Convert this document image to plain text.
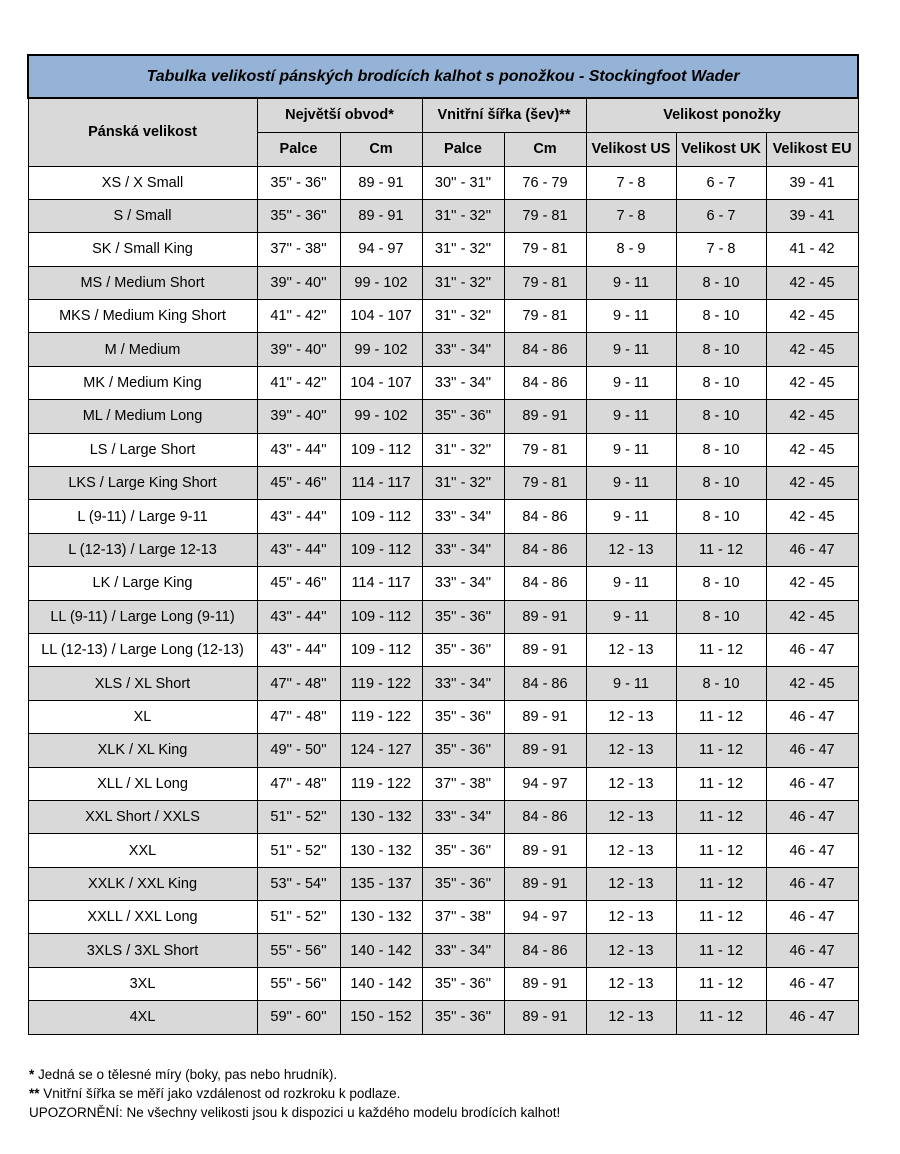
Tabulka velikostí pánských brodících kalhot s ponožkou - Stockingfoot Wader							
Pánská velikost	Největší obvod*		Vnitřní šířka (šev)**		Velikost ponožky		
	Palce	Cm	Palce	Cm	Velikost US	Velikost UK	Velikost EU
XS / X Small	35'' - 36''	89 - 91	30'' - 31''	76 - 79	7 - 8	6 - 7	39 - 41
S / Small	35'' - 36''	89 - 91	31'' - 32''	79 - 81	7 - 8	6 - 7	39 - 41
SK / Small King	37'' - 38''	94 - 97	31'' - 32''	79 - 81	8 - 9	7 - 8	41 - 42
MS / Medium Short	39'' - 40''	99 - 102	31'' - 32''	79 - 81	9 - 11	8 - 10	42 - 45
MKS / Medium King Short	41'' - 42''	104 - 107	31'' - 32''	79 - 81	9 - 11	8 - 10	42 - 45
M / Medium	39'' - 40''	99 - 102	33'' - 34''	84 - 86	9 - 11	8 - 10	42 - 45
MK / Medium King	41'' - 42''	104 - 107	33'' - 34''	84 - 86	9 - 11	8 - 10	42 - 45
ML / Medium Long	39'' - 40''	99 - 102	35'' - 36''	89 - 91	9 - 11	8 - 10	42 - 45
LS / Large Short	43'' - 44''	109 - 112	31'' - 32''	79 - 81	9 - 11	8 - 10	42 - 45
LKS / Large King Short	45'' - 46''	114 - 117	31'' - 32''	79 - 81	9 - 11	8 - 10	42 - 45
L (9-11) / Large 9-11	43'' - 44''	109 - 112	33'' - 34''	84 - 86	9 - 11	8 - 10	42 - 45
L (12-13) / Large 12-13	43'' - 44''	109 - 112	33'' - 34''	84 - 86	12 - 13	11 - 12	46 - 47
LK / Large King	45'' - 46''	114 - 117	33'' - 34''	84 - 86	9 - 11	8 - 10	42 - 45
LL (9-11) / Large Long (9-11)	43'' - 44''	109 - 112	35'' - 36''	89 - 91	9 - 11	8 - 10	42 - 45
LL (12-13) / Large Long (12-13)	43'' - 44''	109 - 112	35'' - 36''	89 - 91	12 - 13	11 - 12	46 - 47
XLS / XL Short	47'' - 48''	119 - 122	33'' - 34''	84 - 86	9 - 11	8 - 10	42 - 45
XL	47'' - 48''	119 - 122	35'' - 36''	89 - 91	12 - 13	11 - 12	46 - 47
XLK / XL King	49'' - 50''	124 - 127	35'' - 36''	89 - 91	12 - 13	11 - 12	46 - 47
XLL / XL Long	47'' - 48''	119 - 122	37'' - 38''	94 - 97	12 - 13	11 - 12	46 - 47
XXL Short / XXLS	51'' - 52''	130 - 132	33'' - 34''	84 - 86	12 - 13	11 - 12	46 - 47
XXL	51'' - 52''	130 - 132	35'' - 36''	89 - 91	12 - 13	11 - 12	46 - 47
XXLK / XXL King	53'' - 54''	135 - 137	35'' - 36''	89 - 91	12 - 13	11 - 12	46 - 47
XXLL / XXL Long	51'' - 52''	130 - 132	37'' - 38''	94 - 97	12 - 13	11 - 12	46 - 47
3XLS / 3XL Short	55'' - 56''	140 - 142	33'' - 34''	84 - 86	12 - 13	11 - 12	46 - 47
3XL	55'' - 56''	140 - 142	35'' - 36''	89 - 91	12 - 13	11 - 12	46 - 47
4XL	59'' - 60''	150 - 152	35'' - 36''	89 - 91	12 - 13	11 - 12	46 - 47
* Jedná se o tělesné míry (boky, pas nebo hrudník).
** Vnitřní šířka se měří jako vzdálenost od rozkroku k podlaze.
UPOZORNĚNÍ: Ne všechny velikosti jsou k dispozici u každého modelu brodících kalhot!
